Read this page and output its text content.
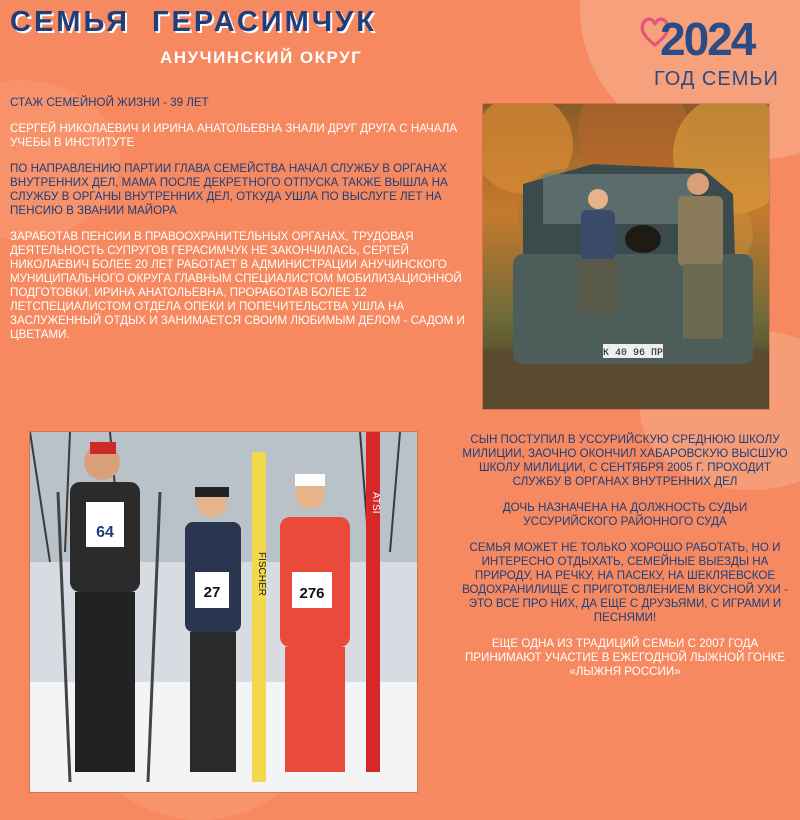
СЕМЬЯ ГЕРАСИМЧУК
АНУЧИНСКИЙ ОКРУГ	2024
ГОД СЕМЬИ

СТАЖ СЕМЕЙНОЙ ЖИЗНИ - 39 ЛЕТ

СЕРГЕЙ НИКОЛАЕВИЧ И ИРИНА АНАТОЛЬЕВНА ЗНАЛИ ДРУГ ДРУГА С НАЧАЛА УЧЕБЫ В ИНСТИТУТЕ

ПО НАПРАВЛЕНИЮ ПАРТИИ ГЛАВА СЕМЕЙСТВА НАЧАЛ СЛУЖБУ В ОРГАНАХ ВНУТРЕННИХ ДЕЛ, МАМА ПОСЛЕ ДЕКРЕТНОГО ОТПУСКА ТАКЖЕ ВЫШЛА НА СЛУЖБУ В ОРГАНЫ ВНУТРЕННИХ ДЕЛ, ОТКУДА УШЛА ПО ВЫСЛУГЕ ЛЕТ НА ПЕНСИЮ В ЗВАНИИ МАЙОРА

ЗАРАБОТАВ ПЕНСИИ В ПРАВООХРАНИТЕЛЬНЫХ ОРГАНАХ, ТРУДОВАЯ ДЕЯТЕЛЬНОСТЬ СУПРУГОВ ГЕРАСИМЧУК НЕ ЗАКОНЧИЛАСЬ, СЕРГЕЙ НИКОЛАЕВИЧ БОЛЕЕ 20 ЛЕТ РАБОТАЕТ В АДМИНИСТРАЦИИ АНУЧИНСКОГО МУНИЦИПАЛЬНОГО ОКРУГА ГЛАВНЫМ СПЕЦИАЛИСТОМ МОБИЛИЗАЦИОННОЙ ПОДГОТОВКИ, ИРИНА АНАТОЛЬЕВНА, ПРОРАБОТАВ БОЛЕЕ 12 ЛЕТСПЕЦИАЛИСТОМ ОТДЕЛА ОПЕКИ И ПОПЕЧИТЕЛЬСТВА УШЛА НА ЗАСЛУЖЕННЫЙ ОТДЫХ И ЗАНИМАЕТСЯ СВОИМ ЛЮБИМЫМ ДЕЛОМ - САДОМ И ЦВЕТАМИ.

К 40 96 ПР
64
27	276
FISCHER
ATSI

СЫН ПОСТУПИЛ В УССУРИЙСКУЮ СРЕДНЮЮ ШКОЛУ МИЛИЦИИ, ЗАОЧНО ОКОНЧИЛ ХАБАРОВСКУЮ ВЫСШУЮ ШКОЛУ МИЛИЦИИ, С СЕНТЯБРЯ 2005 Г. ПРОХОДИТ СЛУЖБУ В ОРГАНАХ ВНУТРЕННИХ ДЕЛ

ДОЧЬ НАЗНАЧЕНА НА ДОЛЖНОСТЬ СУДЬИ УССУРИЙСКОГО РАЙОННОГО СУДА

СЕМЬЯ МОЖЕТ НЕ ТОЛЬКО ХОРОШО РАБОТАТЬ, НО И ИНТЕРЕСНО ОТДЫХАТЬ, СЕМЕЙНЫЕ ВЫЕЗДЫ НА ПРИРОДУ, НА РЕЧКУ, НА ПАСЕКУ, НА ШЕКЛЯЕВСКОЕ ВОДОХРАНИЛИЩЕ С ПРИГОТОВЛЕНИЕМ ВКУСНОЙ УХИ - ЭТО ВСЕ ПРО НИХ, ДА ЕЩЕ С ДРУЗЬЯМИ, С ИГРАМИ И ПЕСНЯМИ!

ЕЩЕ ОДНА ИЗ ТРАДИЦИЙ СЕМЬИ С 2007 ГОДА ПРИНИМАЮТ УЧАСТИЕ В ЕЖЕГОДНОЙ ЛЫЖНОЙ ГОНКЕ «ЛЫЖНЯ РОССИИ»
